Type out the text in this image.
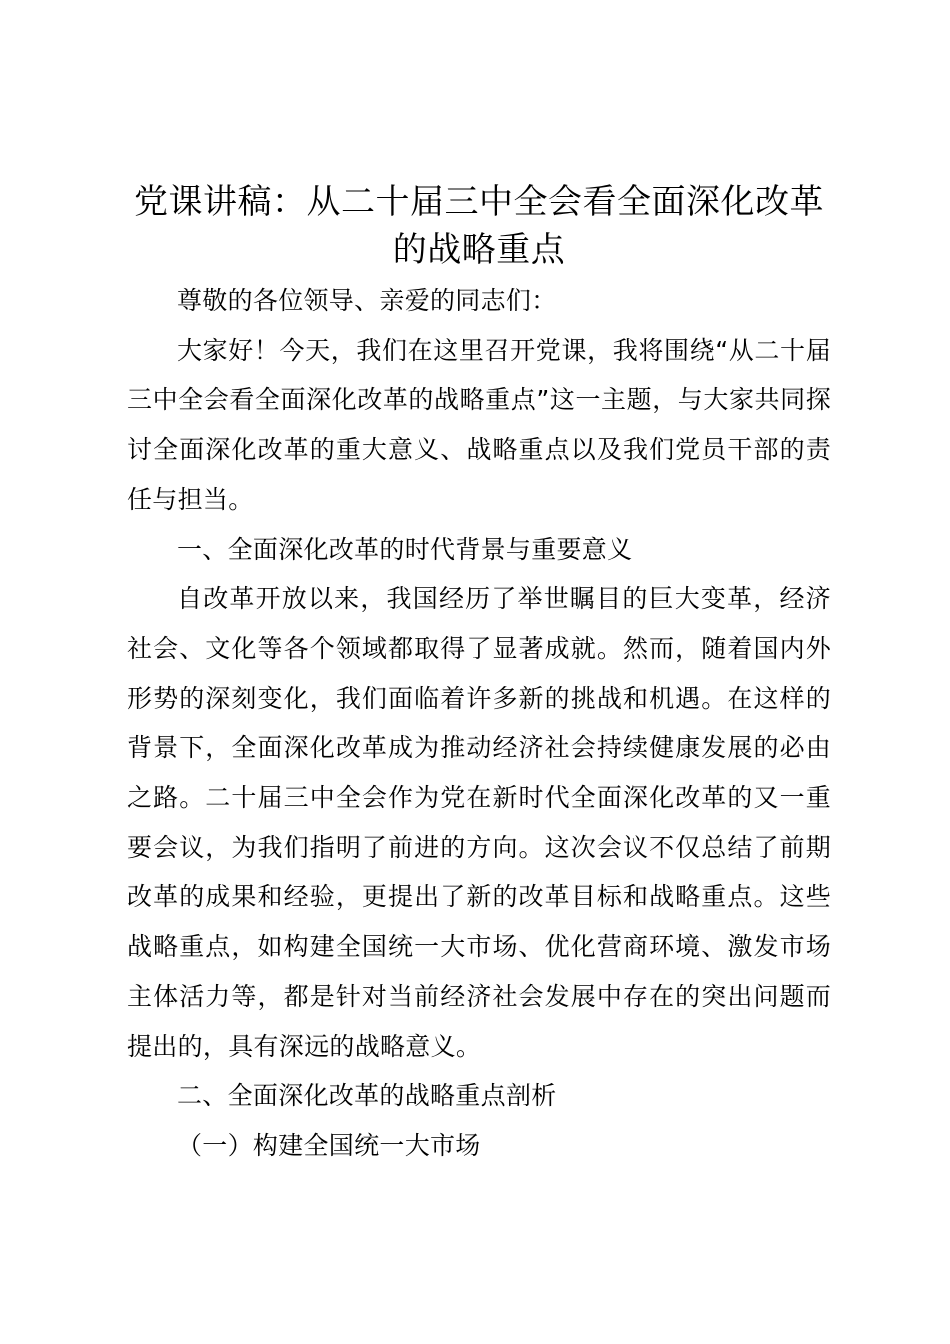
党课讲稿：从二十届三中全会看全面深化改革
的战略重点

尊敬的各位领导、亲爱的同志们：

大家好！今天，我们在这里召开党课，我将围绕“从二十届三中全会看全面深化改革的战略重点”这一主题，与大家共同探讨全面深化改革的重大意义、战略重点以及我们党员干部的责任与担当。

一、全面深化改革的时代背景与重要意义

自改革开放以来，我国经历了举世瞩目的巨大变革，经济社会、文化等各个领域都取得了显著成就。然而，随着国内外形势的深刻变化，我们面临着许多新的挑战和机遇。在这样的背景下，全面深化改革成为推动经济社会持续健康发展的必由之路。二十届三中全会作为党在新时代全面深化改革的又一重要会议，为我们指明了前进的方向。这次会议不仅总结了前期改革的成果和经验，更提出了新的改革目标和战略重点。这些战略重点，如构建全国统一大市场、优化营商环境、激发市场主体活力等，都是针对当前经济社会发展中存在的突出问题而提出的，具有深远的战略意义。

二、全面深化改革的战略重点剖析

（一）构建全国统一大市场
